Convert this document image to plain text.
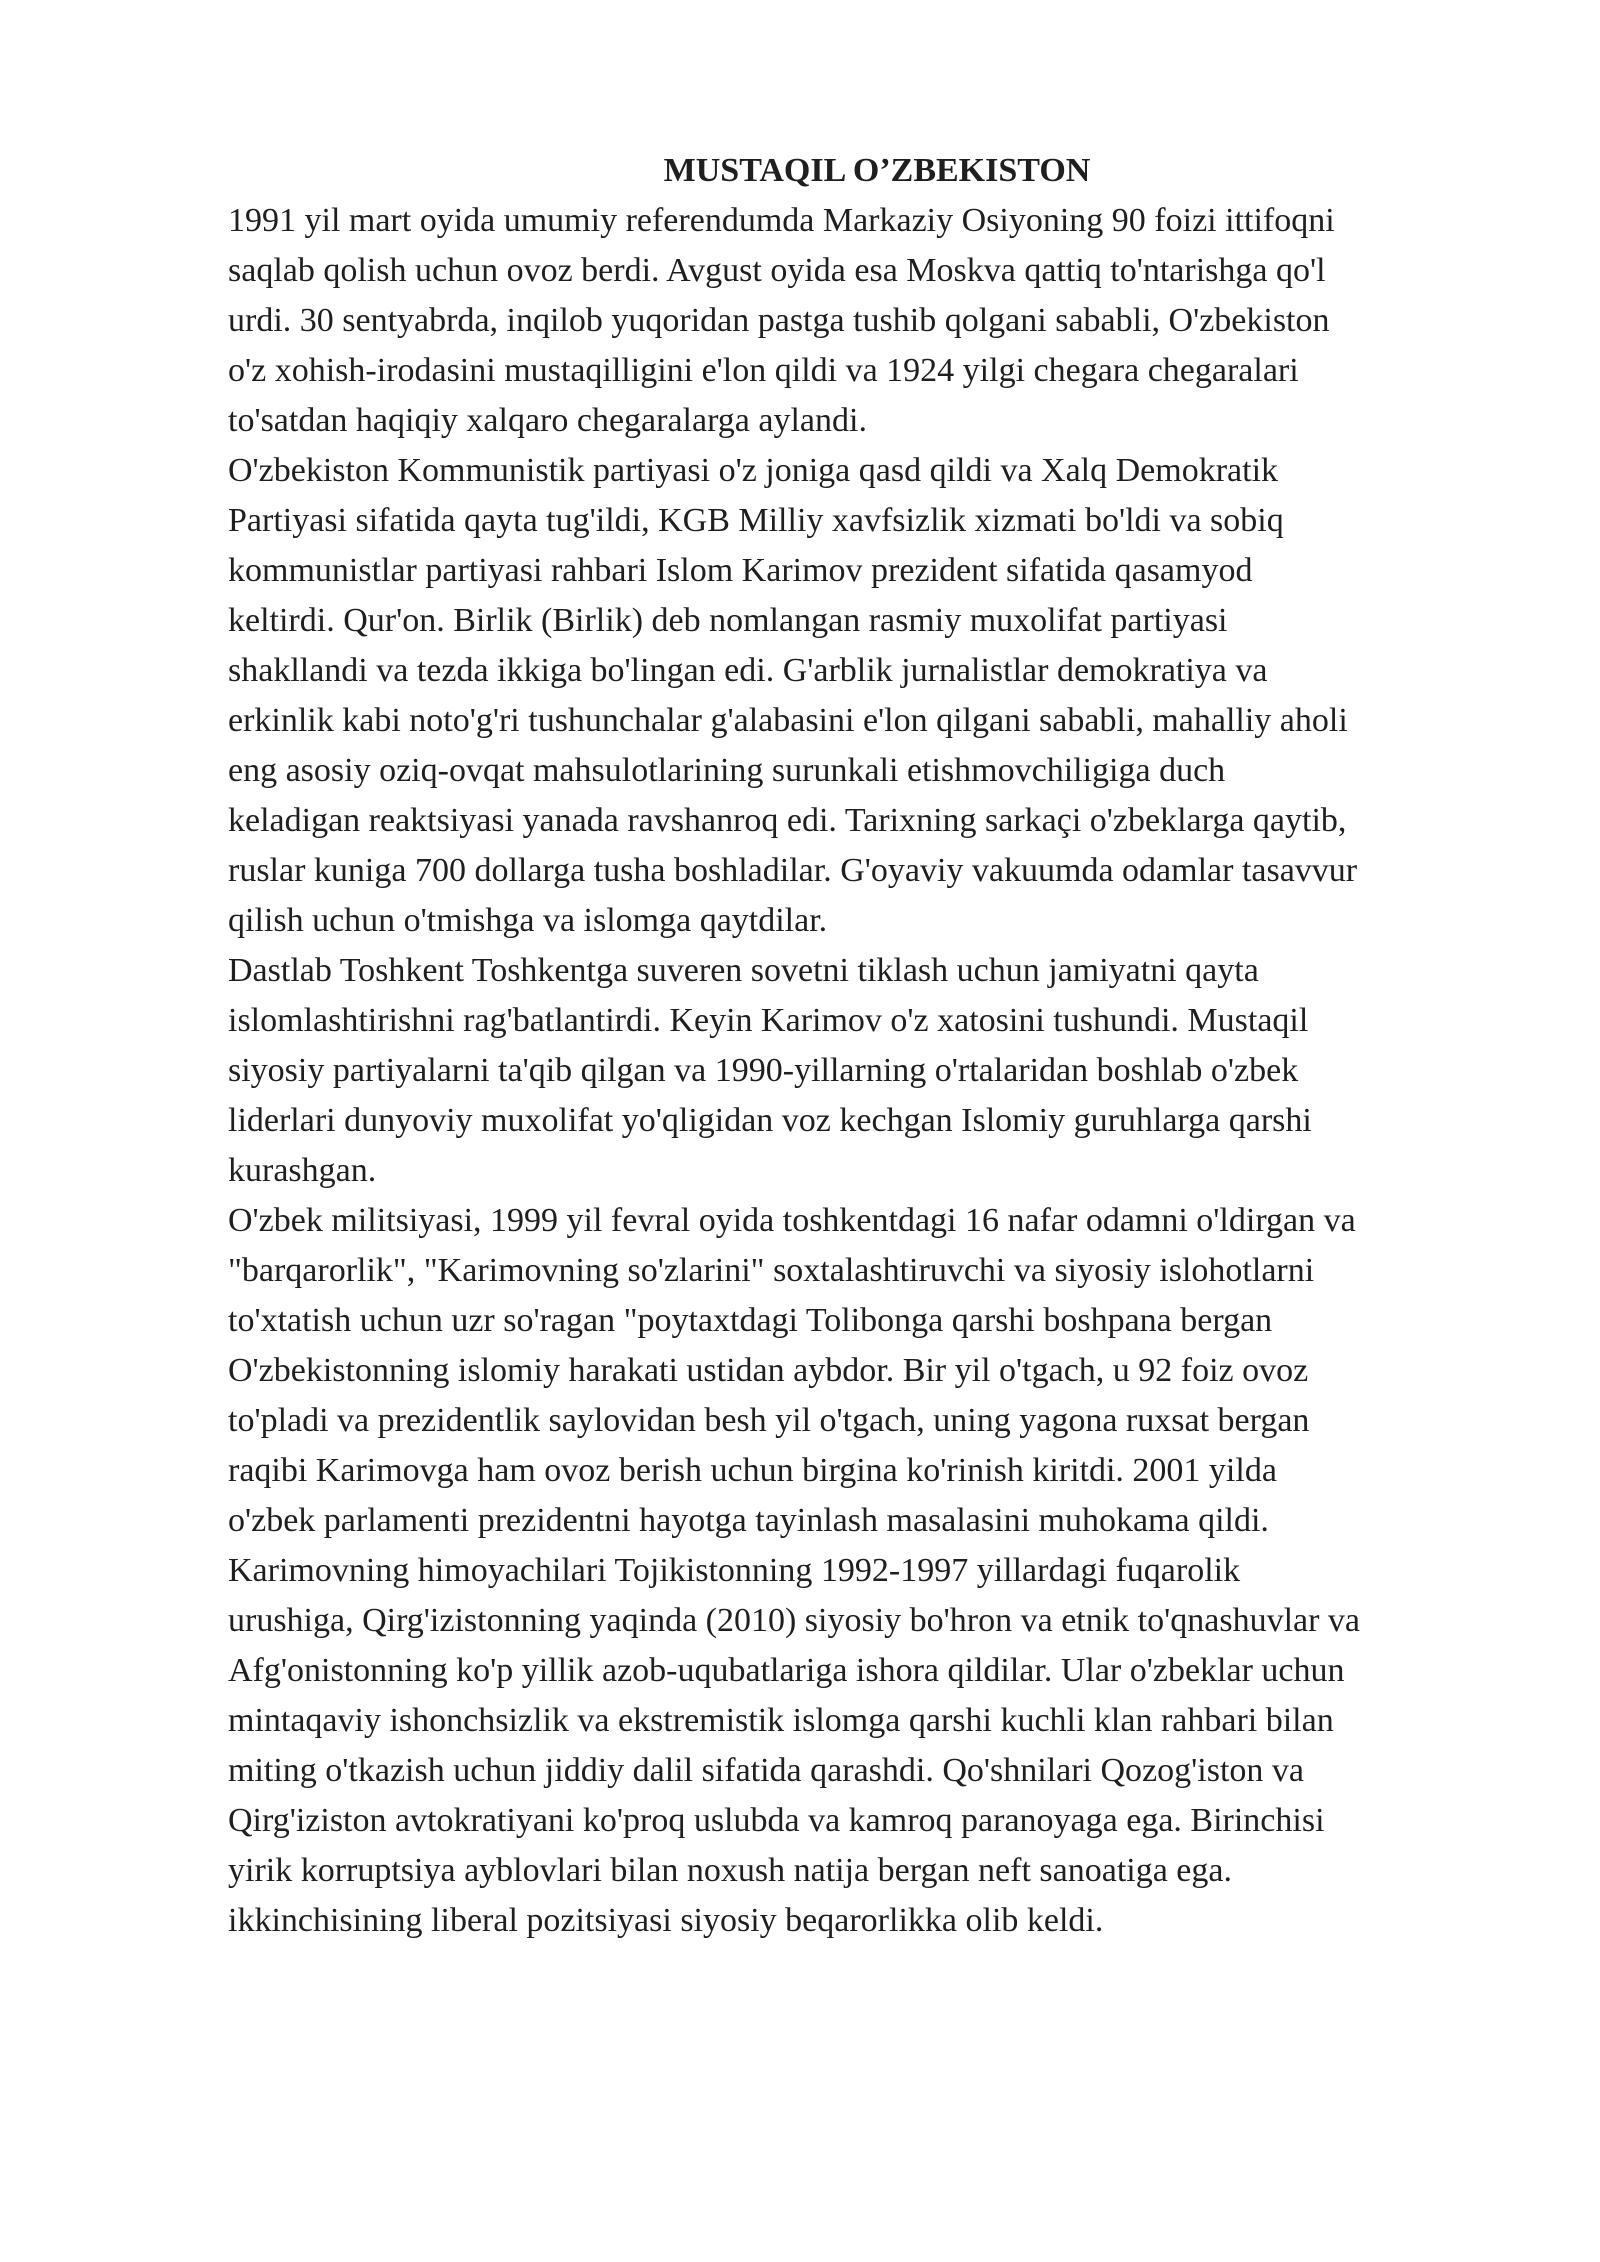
MUSTAQIL O’ZBEKISTON

1991 yil mart oyida umumiy referendumda Markaziy Osiyoning 90 foizi ittifoqni
saqlab qolish uchun ovoz berdi. Avgust oyida esa Moskva qattiq to'ntarishga qo'l
urdi. 30 sentyabrda, inqilob yuqoridan pastga tushib qolgani sababli, O'zbekiston
o'z xohish-irodasini mustaqilligini e'lon qildi va 1924 yilgi chegara chegaralari
to'satdan haqiqiy xalqaro chegaralarga aylandi.

O'zbekiston Kommunistik partiyasi o'z joniga qasd qildi va Xalq Demokratik
Partiyasi sifatida qayta tug'ildi, KGB Milliy xavfsizlik xizmati bo'ldi va sobiq
kommunistlar partiyasi rahbari Islom Karimov prezident sifatida qasamyod
keltirdi. Qur'on. Birlik (Birlik) deb nomlangan rasmiy muxolifat partiyasi
shakllandi va tezda ikkiga bo'lingan edi. G'arblik jurnalistlar demokratiya va
erkinlik kabi noto'g'ri tushunchalar g'alabasini e'lon qilgani sababli, mahalliy aholi
eng asosiy oziq-ovqat mahsulotlarining surunkali etishmovchiligiga duch
keladigan reaktsiyasi yanada ravshanroq edi. Tarixning sarkaçi o'zbeklarga qaytib,
ruslar kuniga 700 dollarga tusha boshladilar. G'oyaviy vakuumda odamlar tasavvur
qilish uchun o'tmishga va islomga qaytdilar.

Dastlab Toshkent Toshkentga suveren sovetni tiklash uchun jamiyatni qayta
islomlashtirishni rag'batlantirdi. Keyin Karimov o'z xatosini tushundi. Mustaqil
siyosiy partiyalarni ta'qib qilgan va 1990-yillarning o'rtalaridan boshlab o'zbek
liderlari dunyoviy muxolifat yo'qligidan voz kechgan Islomiy guruhlarga qarshi
kurashgan.

O'zbek militsiyasi, 1999 yil fevral oyida toshkentdagi 16 nafar odamni o'ldirgan va
"barqarorlik", "Karimovning so'zlarini" soxtalashtiruvchi va siyosiy islohotlarni
to'xtatish uchun uzr so'ragan "poytaxtdagi Tolibonga qarshi boshpana bergan
O'zbekistonning islomiy harakati ustidan aybdor. Bir yil o'tgach, u 92 foiz ovoz
to'pladi va prezidentlik saylovidan besh yil o'tgach, uning yagona ruxsat bergan
raqibi Karimovga ham ovoz berish uchun birgina ko'rinish kiritdi. 2001 yilda
o'zbek parlamenti prezidentni hayotga tayinlash masalasini muhokama qildi.
Karimovning himoyachilari Tojikistonning 1992-1997 yillardagi fuqarolik
urushiga, Qirg'izistonning yaqinda (2010) siyosiy bo'hron va etnik to'qnashuvlar va
Afg'onistonning ko'p yillik azob-uqubatlariga ishora qildilar. Ular o'zbeklar uchun
mintaqaviy ishonchsizlik va ekstremistik islomga qarshi kuchli klan rahbari bilan
miting o'tkazish uchun jiddiy dalil sifatida qarashdi. Qo'shnilari Qozog'iston va
Qirg'iziston avtokratiyani ko'proq uslubda va kamroq paranoyaga ega. Birinchisi
yirik korruptsiya ayblovlari bilan noxush natija bergan neft sanoatiga ega.
ikkinchisining liberal pozitsiyasi siyosiy beqarorlikka olib keldi.
